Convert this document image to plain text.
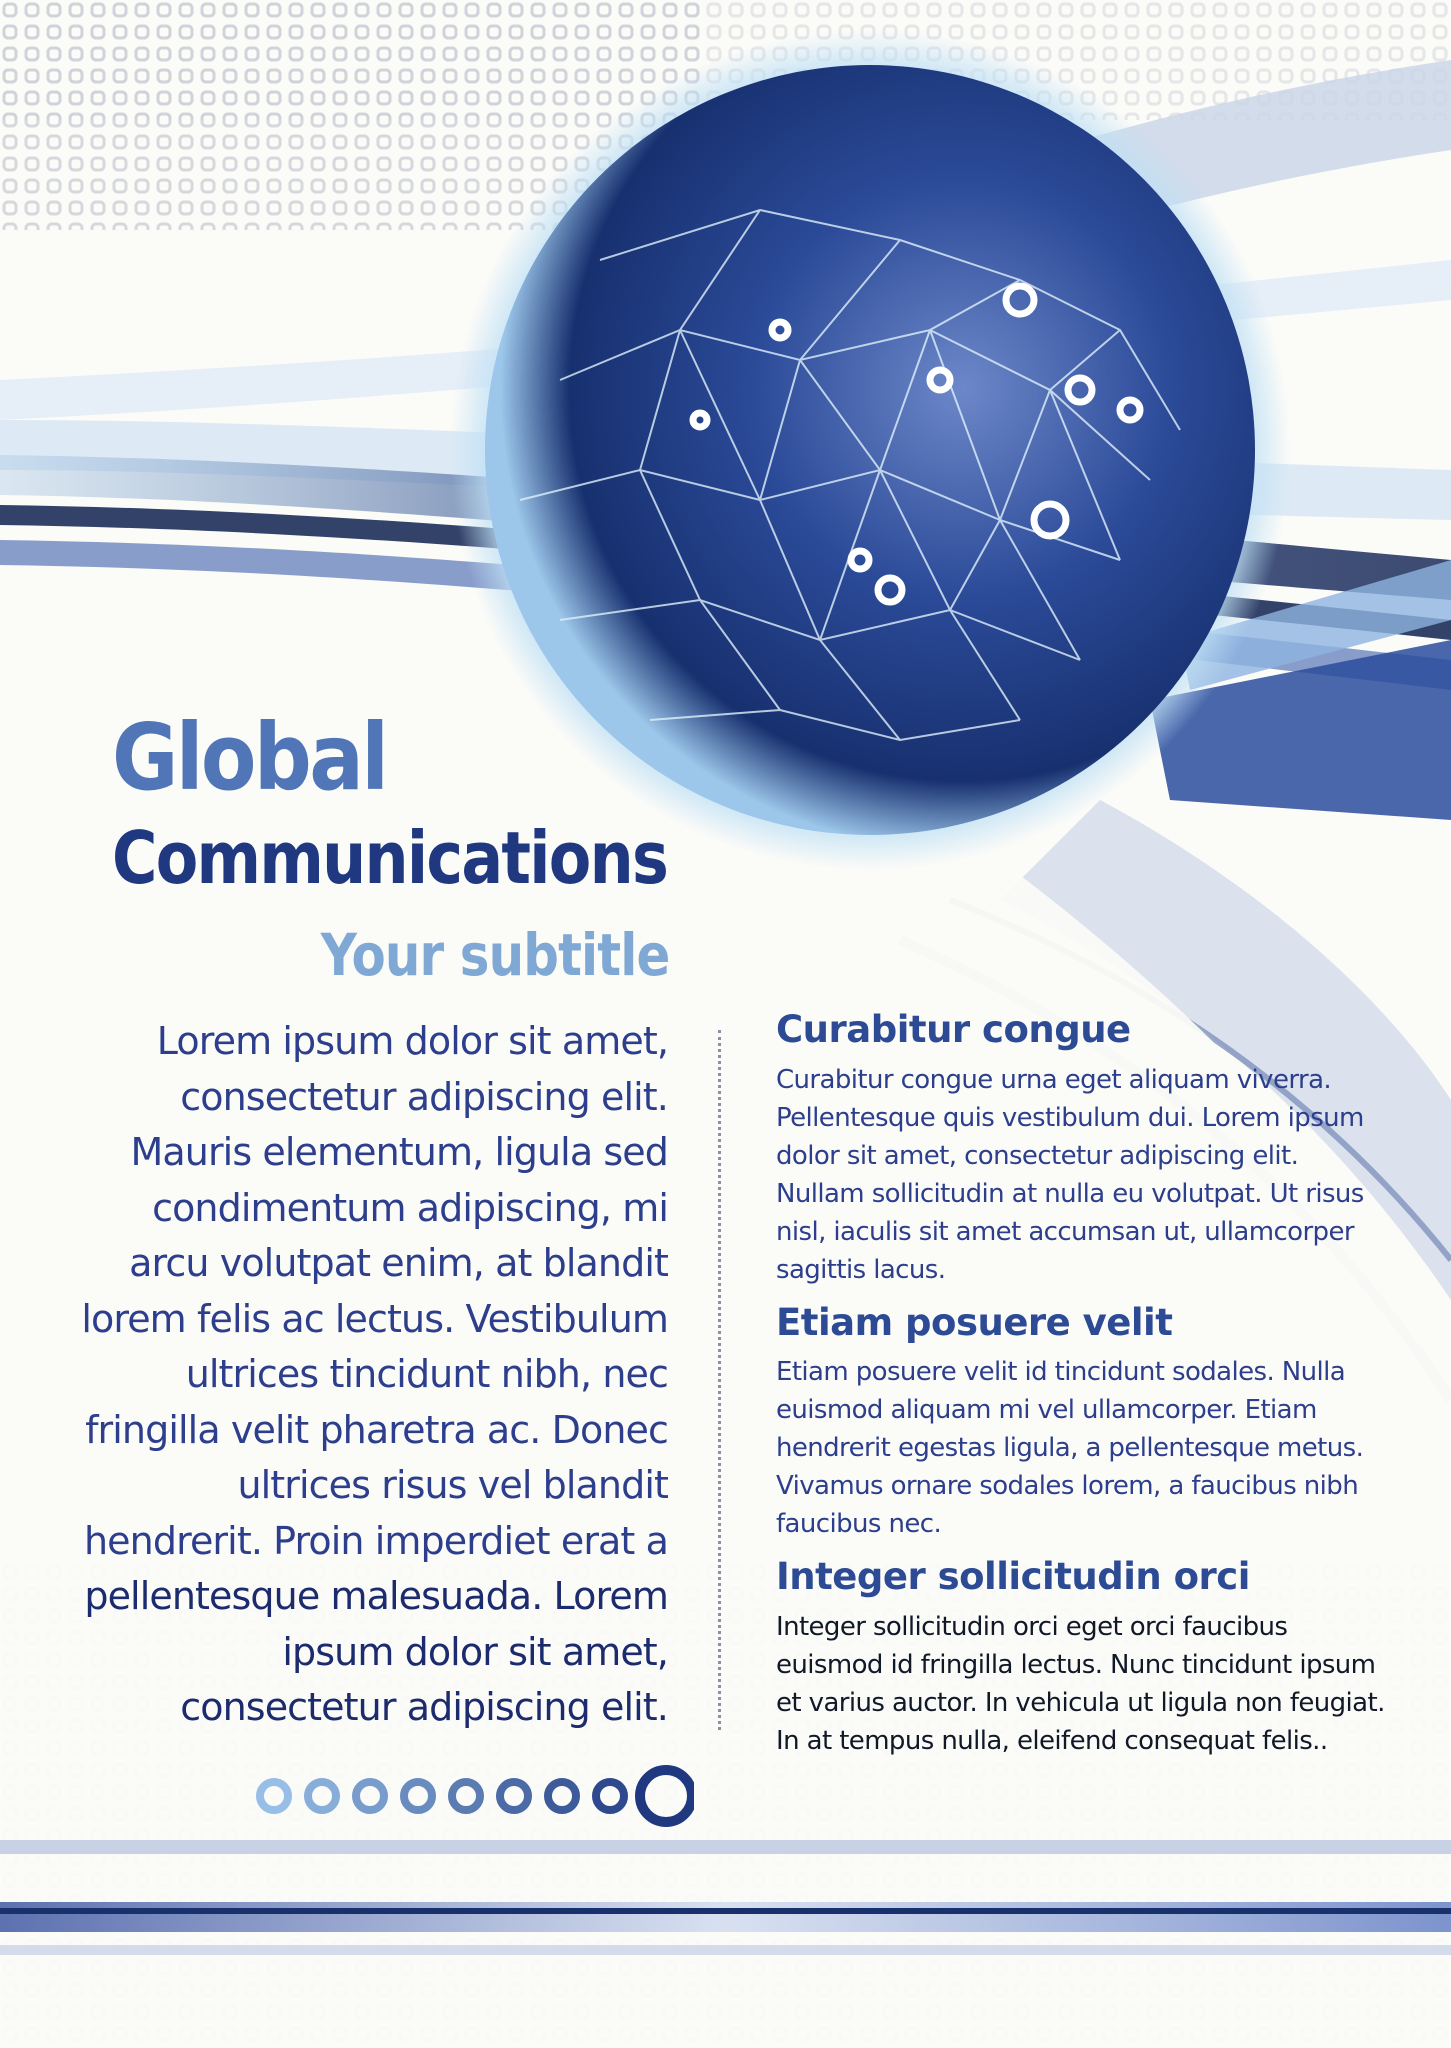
Global
Communications
Your subtitle
Lorem ipsum dolor sit amet,
consectetur adipiscing elit.
Mauris elementum, ligula sed
condimentum adipiscing, mi
arcu volutpat enim, at blandit
lorem felis ac lectus. Vestibulum
ultrices tincidunt nibh, nec
fringilla velit pharetra ac. Donec
ultrices risus vel blandit
hendrerit. Proin imperdiet erat a
pellentesque malesuada. Lorem
ipsum dolor sit amet,
consectetur adipiscing elit.
Curabitur congue

Curabitur congue urna eget aliquam viverra.
Pellentesque quis vestibulum dui. Lorem ipsum
dolor sit amet, consectetur adipiscing elit.
Nullam sollicitudin at nulla eu volutpat. Ut risus
nisl, iaculis sit amet accumsan ut, ullamcorper
sagittis lacus.

Etiam posuere velit

Etiam posuere velit id tincidunt sodales. Nulla
euismod aliquam mi vel ullamcorper. Etiam
hendrerit egestas ligula, a pellentesque metus.
Vivamus ornare sodales lorem, a faucibus nibh
faucibus nec.

Integer sollicitudin orci

Integer sollicitudin orci eget orci faucibus
euismod id fringilla lectus. Nunc tincidunt ipsum
et varius auctor. In vehicula ut ligula non feugiat.
In at tempus nulla, eleifend consequat felis..
